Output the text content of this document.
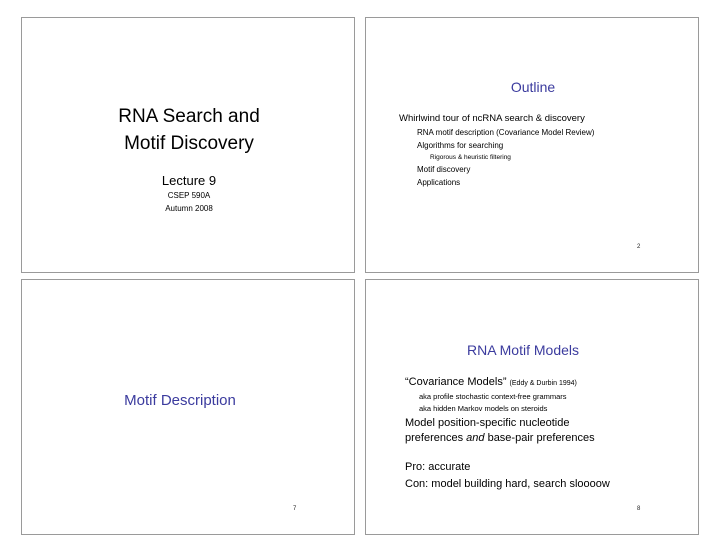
RNA Search and
Motif Discovery
Lecture 9
CSEP 590A
Autumn 2008
Outline
Whirlwind tour of ncRNA search & discovery
RNA motif description (Covariance Model Review)
Algorithms for searching
Rigorous & heuristic filtering
Motif discovery
Applications
2
Motif Description
7
RNA Motif Models
“Covariance Models” (Eddy & Durbin 1994)
aka profile stochastic context-free grammars
aka hidden Markov models on steroids
Model position-specific nucleotide
preferences and base-pair preferences
Pro: accurate
Con: model building hard, search sloooow
8
